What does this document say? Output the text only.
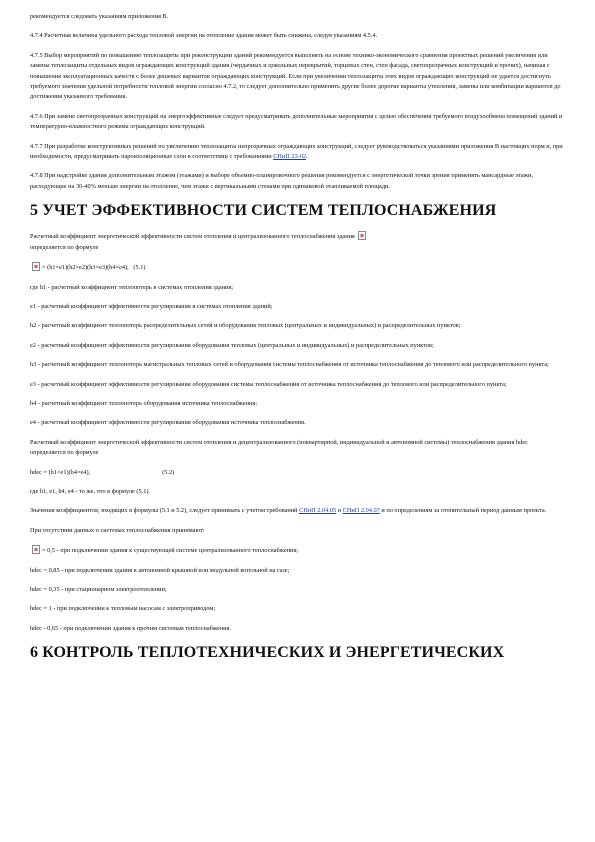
рекомендуется следовать указаниям приложения В.

4.7.4 Расчетная величина удельного расхода тепловой энергии на отопление здания может быть снижена, следуя указаниям 4.5.4.

4.7.5 Выбор мероприятий по повышению теплозащиты при реконструкции зданий рекомендуется выполнять на основе технико-экономического сравнения проектных решений увеличения или замены теплозащиты отдельных видов ограждающих конструкций здания (чердачных и цокольных перекрытий, торцевых стен, стен фасада, светопрозрачных конструкций и прочих), начиная с повышения эксплуатационных качеств с более дешевых вариантов ограждающих конструкций. Если при увеличении теплозащиты этих видов ограждающих конструкций не удается достигнуть требуемого значения удельной потребности тепловой энергии согласно 4.7.2, то следует дополнительно применить другие более дорогие варианты утепления, замены или комбинации вариантов до достижения указанного требования.

4.7.6 При замене светопрозрачных конструкций на энергоэффективные следует предусматривать дополнительные мероприятия с целью обеспечения требуемого воздухообмена помещений зданий и температурно-влажностного режима ограждающих конструкций.

4.7.7 При разработке конструктивных решений по увеличению теплозащиты непрозрачных ограждающих конструкций, следует руководствоваться указаниями приложения В настоящих норм и, при необходимости, предусматривать пароизоляционные слои в соответствии с требованиями СНиП 23-02.

4.7.8 При надстройке здания дополнительным этажом (этажами) и выборе объемно-планировочного решения рекомендуется с энергетической точки зрения применять мансардные этажи, расходующие на 30-40% меньше энергии на отопление, чем этажи с вертикальными стенами при одинаковой отапливаемой площади.

5 УЧЕТ ЭФФЕКТИВНОСТИ СИСТЕМ ТЕПЛОСНАБЖЕНИЯ

Расчетный коэффициент энергетической эффективности систем отопления и централизованного теплоснабжения здания
определяется по формуле

= (h1×e1)(h2×e2)(h3×e3)(h4×e4), (5.1)

где h1 - расчетный коэффициент теплопотерь в системах отопления здания;

e1 - расчетный коэффициент эффективности регулирования в системах отопления зданий;

h2 - расчетный коэффициент теплопотерь распределительных сетей и оборудования тепловых (центральных и индивидуальных) и распределительных пунктов;

e2 - расчетный коэффициент эффективности регулирования оборудования тепловых (центральных и индивидуальных) и распределительных пунктов;

h3 - расчетный коэффициент теплопотерь магистральных тепловых сетей и оборудования системы теплоснабжения от источника теплоснабжения до теплового или распределительного пункта;

e3 - расчетный коэффициент эффективности регулирования оборудования системы теплоснабжения от источника теплоснабжения до теплового или распределительного пункта;

h4 - расчетный коэффициент теплопотерь оборудования источника теплоснабжения;

e4 - расчетный коэффициент эффективности регулирования оборудования источника теплоснабжения.

Расчетный коэффициент энергетической эффективности систем отопления и децентрализованного (поквартирной, индивидуальной и автономной системы) теплоснабжения здания hdec определяется по формуле

hdec = (h1×e1)(h4×e4),	(5.2)

где h1, e1, h4, e4 - то же, что в формуле (5.1).

Значения коэффициентов, входящих в формулы (5.1 и 5.2), следует принимать с учетом требований СНиП 2.04.05 и СНиП 2.04.07 и по определениям за отопительный период данным проекта.

При отсутствии данных о системах теплоснабжения принимают:

= 0,5 - при подключении здания к существующей системе централизованного теплоснабжения;

hdec = 0,85 - при подключении здания к автономной крышной или модульной котельной на газе;

hdec = 0,35 - при стационарном электроотоплении;

hdec = 1 - при подключении к тепловым насосам с электроприводом;

hdec - 0,65 - при подключении здания к прочим системам теплоснабжения.

6 КОНТРОЛЬ ТЕПЛОТЕХНИЧЕСКИХ И ЭНЕРГЕТИЧЕСКИХ
